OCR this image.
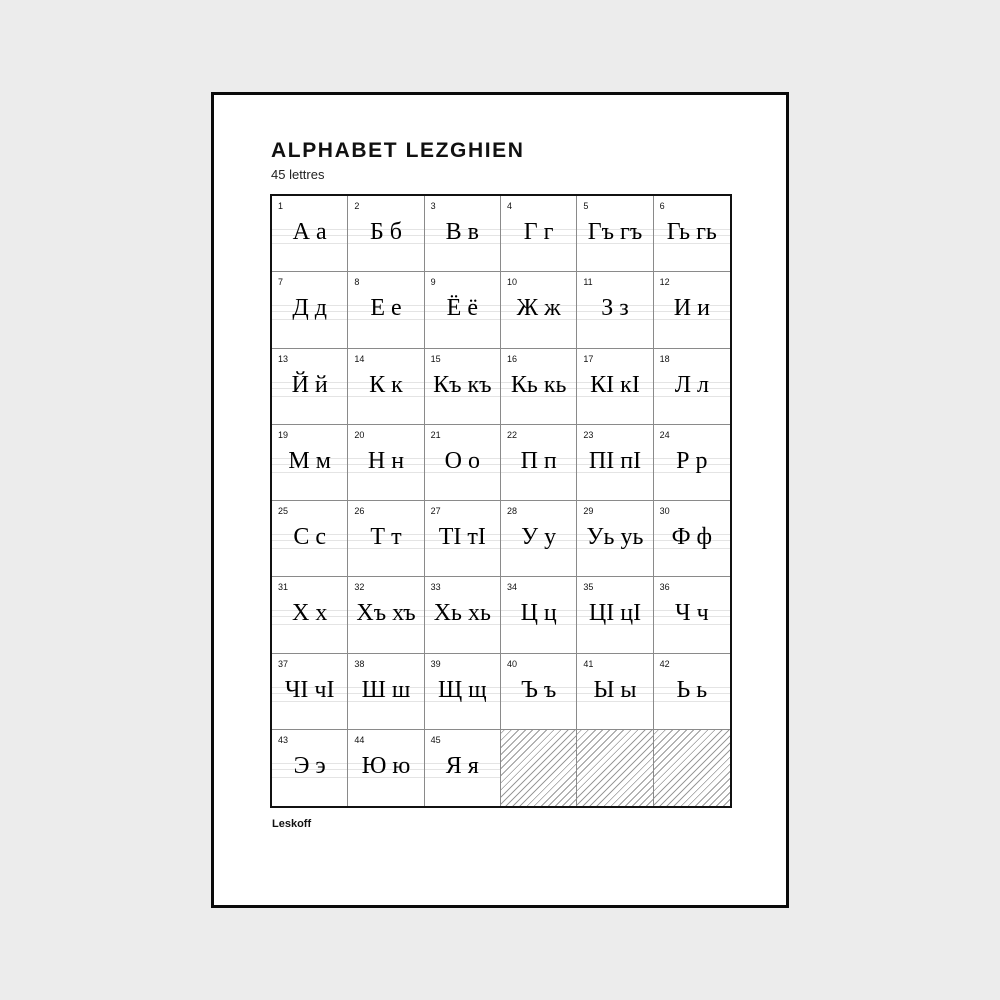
ALPHABET LEZGHIEN
45 lettres
1
А а
2
Б б
3
В в
4
Г г
5
Гъ гъ
6
Гь гь
7
Д д
8
Е е
9
Ё ё
10
Ж ж
11
З з
12
И и
13
Й й
14
К к
15
Къ къ
16
Кь кь
17
КI кI
18
Л л
19
М м
20
Н н
21
О о
22
П п
23
ПI пI
24
Р р
25
С с
26
Т т
27
ТI тI
28
У у
29
Уь уь
30
Ф ф
31
Х х
32
Хъ хъ
33
Хь хь
34
Ц ц
35
ЦI цI
36
Ч ч
37
ЧI чI
38
Ш ш
39
Щ щ
40
Ъ ъ
41
Ы ы
42
Ь ь
43
Э э
44
Ю ю
45
Я я
Leskoff
